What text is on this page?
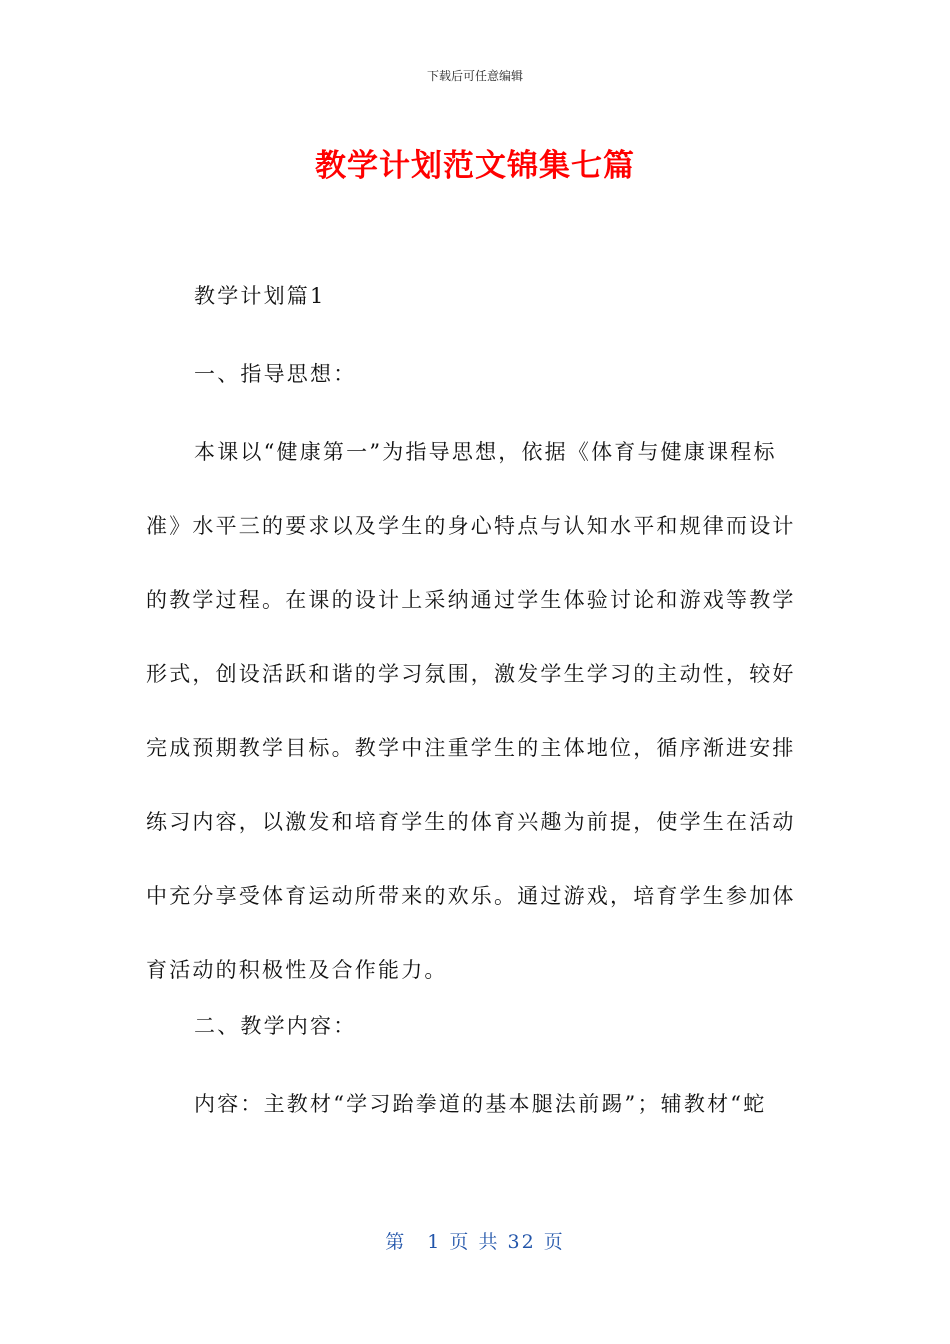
下载后可任意编辑
教学计划范文锦集七篇

教学计划篇1

一、指导思想：

本课以“健康第一”为指导思想，依据《体育与健康课程标准》水平三的要求以及学生的身心特点与认知水平和规律而设计的教学过程。在课的设计上采纳通过学生体验讨论和游戏等教学形式，创设活跃和谐的学习氛围，激发学生学习的主动性，较好完成预期教学目标。教学中注重学生的主体地位，循序渐进安排练习内容，以激发和培育学生的体育兴趣为前提，使学生在活动中充分享受体育运动所带来的欢乐。通过游戏，培育学生参加体育活动的积极性及合作能力。

二、教学内容：

内容：主教材“学习跆拳道的基本腿法前踢”；辅教材“蛇

第　1 页 共 32 页
